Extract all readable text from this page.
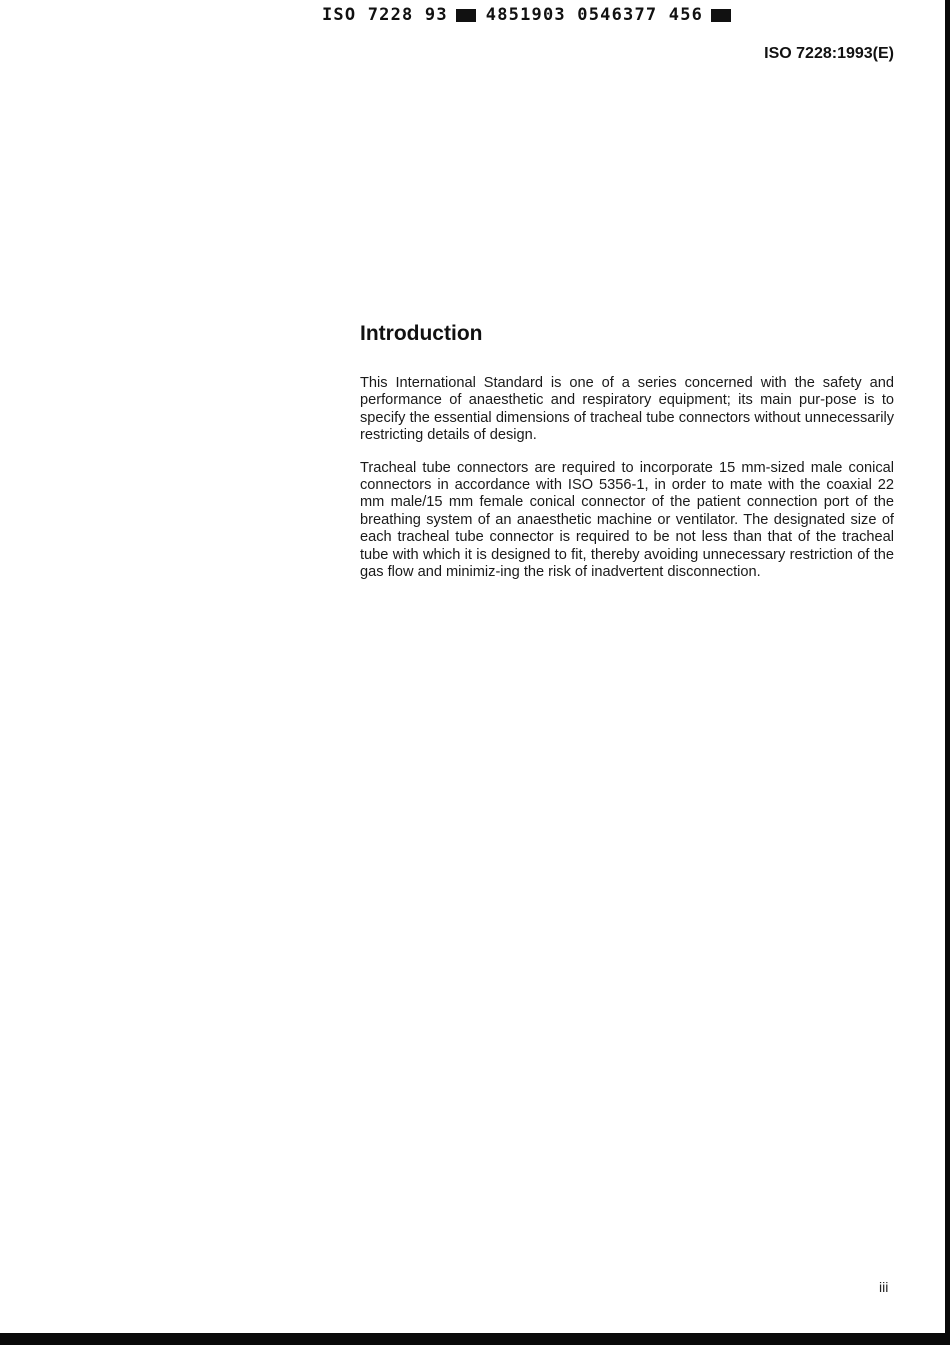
ISO 7228 93 4851903 0546377 456
ISO 7228:1993(E)
Introduction

This International Standard is one of a series concerned with the safety and performance of anaesthetic and respiratory equipment; its main pur-pose is to specify the essential dimensions of tracheal tube connectors without unnecessarily restricting details of design.

Tracheal tube connectors are required to incorporate 15 mm-sized male conical connectors in accordance with ISO 5356-1, in order to mate with the coaxial 22 mm male/15 mm female conical connector of the patient connection port of the breathing system of an anaesthetic machine or ventilator. The designated size of each tracheal tube connector is required to be not less than that of the tracheal tube with which it is designed to fit, thereby avoiding unnecessary restriction of the gas flow and minimiz-ing the risk of inadvertent disconnection.

iii
